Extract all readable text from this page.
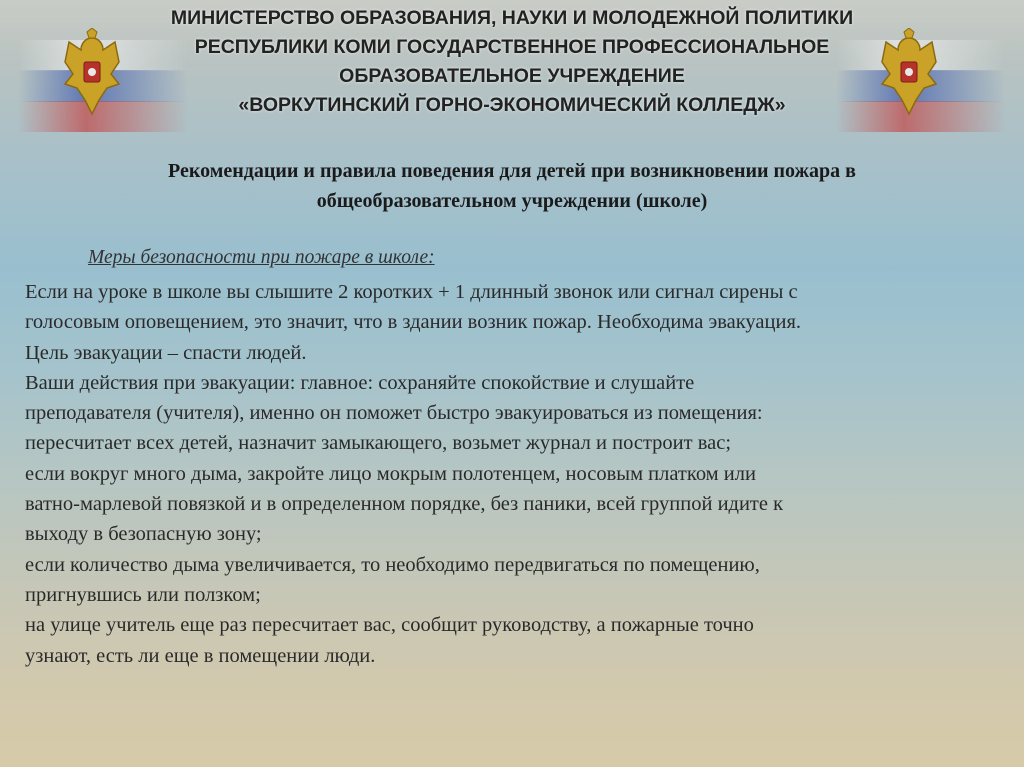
МИНИСТЕРСТВО ОБРАЗОВАНИЯ, НАУКИ И МОЛОДЕЖНОЙ ПОЛИТИКИ
РЕСПУБЛИКИ КОМИ ГОСУДАРСТВЕННОЕ ПРОФЕССИОНАЛЬНОЕ
ОБРАЗОВАТЕЛЬНОЕ УЧРЕЖДЕНИЕ
«ВОРКУТИНСКИЙ ГОРНО-ЭКОНОМИЧЕСКИЙ КОЛЛЕДЖ»
Рекомендации и правила поведения для детей при возникновении пожара в
общеобразовательном учреждении (школе)
Меры безопасности при пожаре в школе:
Если на уроке в школе вы слышите 2 коротких + 1 длинный звонок или сигнал сирены с
голосовым оповещением, это значит, что в здании возник пожар. Необходима эвакуация.
Цель эвакуации – спасти людей.
Ваши действия при эвакуации: главное: сохраняйте спокойствие и слушайте
преподавателя (учителя), именно он поможет быстро эвакуироваться из помещения:
пересчитает всех детей, назначит замыкающего, возьмет журнал и построит вас;
если вокруг много дыма, закройте лицо мокрым полотенцем, носовым платком или
ватно-марлевой повязкой и в определенном порядке, без паники, всей группой идите к
выходу в безопасную зону;
если количество дыма увеличивается, то необходимо передвигаться по помещению,
пригнувшись или ползком;
на улице учитель еще раз пересчитает вас, сообщит руководству, а пожарные точно
узнают, есть ли еще в помещении люди.
